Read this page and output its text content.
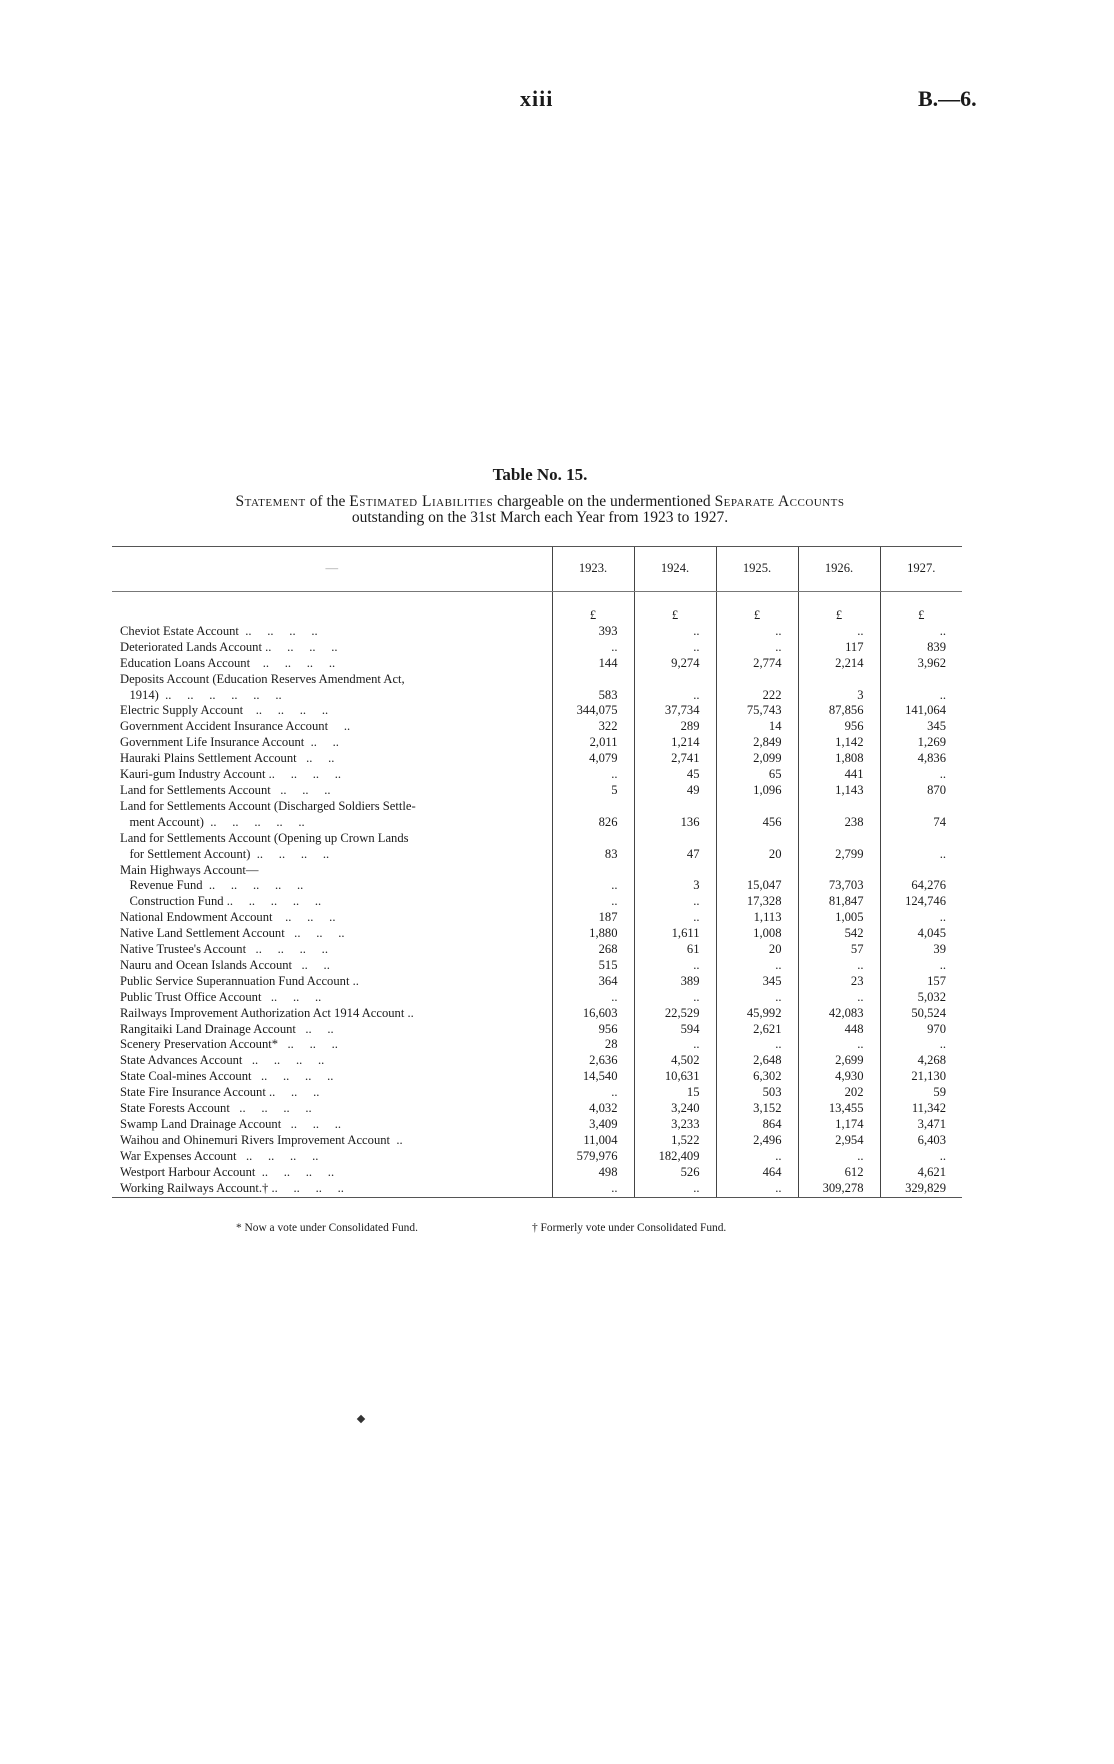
xiii	B.—6.
Table No. 15.
Statement of the Estimated Liabilities chargeable on the undermentioned Separate Accounts
outstanding on the 31st March each Year from 1923 to 1927.
—	1923.	1924.	1925.	1926.	1927.
	£	£	£	£	£
Cheviot Estate Account  ..     ..     ..     ..	393	..	..	..	..
Deteriorated Lands Account ..     ..     ..     ..	..	..	..	117	839
Education Loans Account    ..     ..     ..     ..	144	9,274	2,774	2,214	3,962
Deposits Account (Education Reserves Amendment Act,					
1914)  ..     ..     ..     ..     ..     ..	583	..	222	3	..
Electric Supply Account    ..     ..     ..     ..	344,075	37,734	75,743	87,856	141,064
Government Accident Insurance Account     ..	322	289	14	956	345
Government Life Insurance Account  ..     ..	2,011	1,214	2,849	1,142	1,269
Hauraki Plains Settlement Account   ..     ..	4,079	2,741	2,099	1,808	4,836
Kauri-gum Industry Account ..     ..     ..     ..	..	45	65	441	..
Land for Settlements Account   ..     ..     ..	5	49	1,096	1,143	870
Land for Settlements Account (Discharged Soldiers Settle-					
ment Account)  ..     ..     ..     ..     ..	826	136	456	238	74
Land for Settlements Account (Opening up Crown Lands					
for Settlement Account)  ..     ..     ..     ..	83	47	20	2,799	..
Main Highways Account—					
Revenue Fund  ..     ..     ..     ..     ..	..	3	15,047	73,703	64,276
Construction Fund ..     ..     ..     ..     ..	..	..	17,328	81,847	124,746
National Endowment Account    ..     ..     ..	187	..	1,113	1,005	..
Native Land Settlement Account   ..     ..     ..	1,880	1,611	1,008	542	4,045
Native Trustee's Account   ..     ..     ..     ..	268	61	20	57	39
Nauru and Ocean Islands Account   ..     ..	515	..	..	..	..
Public Service Superannuation Fund Account ..	364	389	345	23	157
Public Trust Office Account   ..     ..     ..	..	..	..	..	5,032
Railways Improvement Authorization Act 1914 Account ..	16,603	22,529	45,992	42,083	50,524
Rangitaiki Land Drainage Account   ..     ..	956	594	2,621	448	970
Scenery Preservation Account*   ..     ..     ..	28	..	..	..	..
State Advances Account   ..     ..     ..     ..	2,636	4,502	2,648	2,699	4,268
State Coal-mines Account   ..     ..     ..     ..	14,540	10,631	6,302	4,930	21,130
State Fire Insurance Account ..     ..     ..	..	15	503	202	59
State Forests Account   ..     ..     ..     ..	4,032	3,240	3,152	13,455	11,342
Swamp Land Drainage Account   ..     ..     ..	3,409	3,233	864	1,174	3,471
Waihou and Ohinemuri Rivers Improvement Account  ..	11,004	1,522	2,496	2,954	6,403
War Expenses Account   ..     ..     ..     ..	579,976	182,409	..	..	..
Westport Harbour Account  ..     ..     ..     ..	498	526	464	612	4,621
Working Railways Account.† ..     ..     ..     ..	..	..	..	309,278	329,829
* Now a vote under Consolidated Fund.	† Formerly vote under Consolidated Fund.
